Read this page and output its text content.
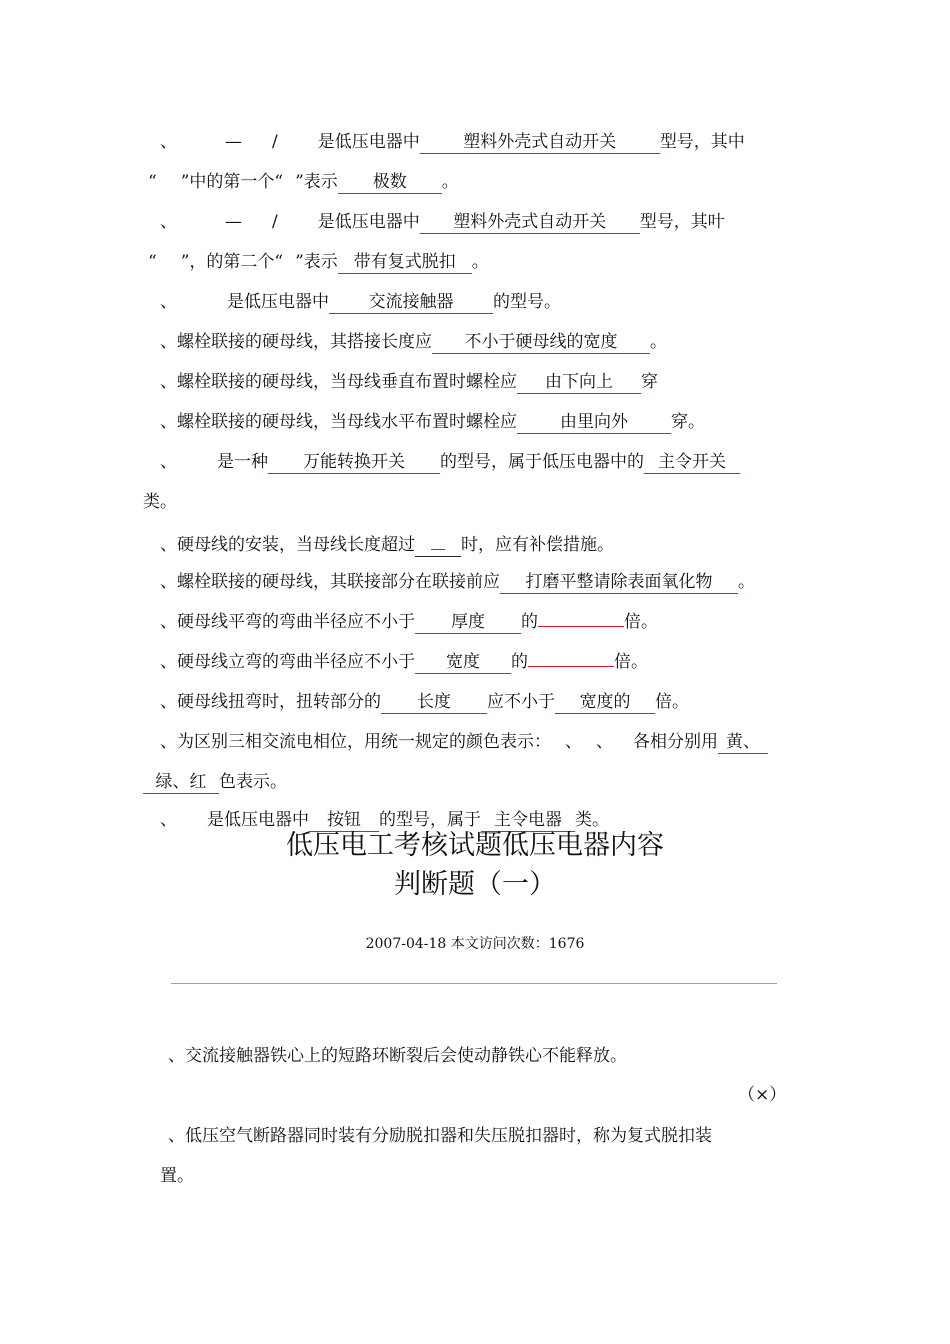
、	— / 是低压电器中	塑料外壳式自动开关	型号，其中
“ ”中的第一个“ ”表示 极数 。
、	— / 是低压电器中 塑料外壳式自动开关 型号，其叶
“ ”，的第二个“ ”表示 带有复式脱扣 。
、	是低压电器中 交流接触器 的型号。
、螺栓联接的硬母线，其搭接长度应 不小于硬母线的宽度 。
、螺栓联接的硬母线，当母线垂直布置时螺栓应 由下向上 穿
、螺栓联接的硬母线，当母线水平布置时螺栓应	由里向外	穿。
、 是一种 万能转换开关 的型号，属于低压电器中的 主令开关
类。
、硬母线的安装，当母线长度超过	时，应有补偿措施。
、螺栓联接的硬母线，其联接部分在联接前应 打磨平整请除表面氧化物 。
、硬母线平弯的弯曲半径应不小于 厚度 的	倍。
、硬母线立弯的弯曲半径应不小于 宽度 的	倍。
、硬母线扭弯时，扭转部分的 长度 应不小于 宽度的 倍。
、为区别三相交流电相位，用统一规定的颜色表示： 、 、 各相分别用 黄、
绿、红 色表示。
、 是低压电器中 按钮 的型号，属于 主令电器 类。
低压电工考核试题低压电器内容
判断题（一）
2007-04-18 本文访问次数：1676
、交流接触器铁心上的短路环断裂后会使动静铁心不能释放。
（×）
、低压空气断路器同时装有分励脱扣器和失压脱扣器时，称为复式脱扣装
置。
